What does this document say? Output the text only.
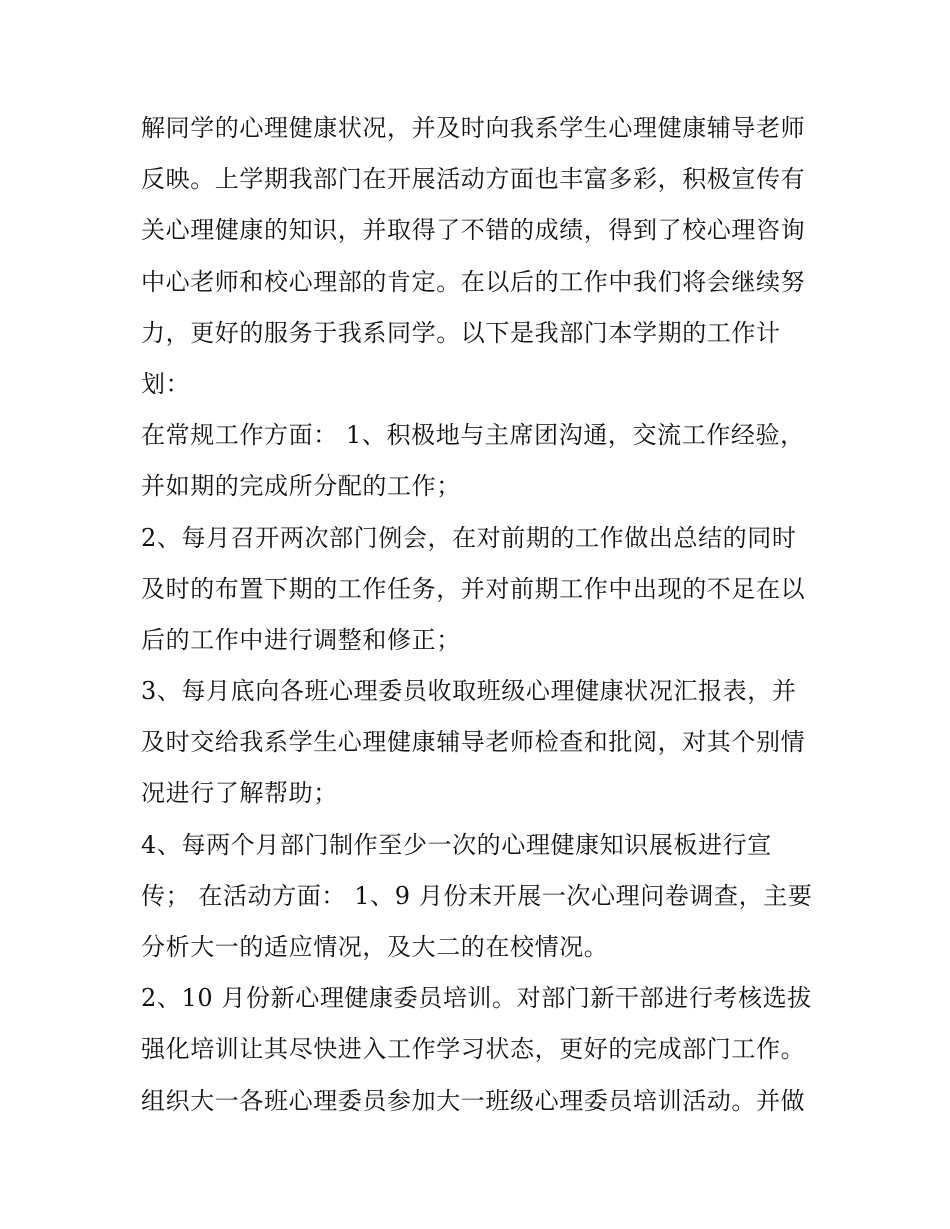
解同学的心理健康状况，并及时向我系学生心理健康辅导老师
反映。上学期我部门在开展活动方面也丰富多彩，积极宣传有
关心理健康的知识，并取得了不错的成绩，得到了校心理咨询
中心老师和校心理部的肯定。在以后的工作中我们将会继续努
力，更好的服务于我系同学。以下是我部门本学期的工作计
划：
在常规工作方面： 1、积极地与主席团沟通，交流工作经验，
并如期的完成所分配的工作；
2、每月召开两次部门例会，在对前期的工作做出总结的同时
及时的布置下期的工作任务，并对前期工作中出现的不足在以
后的工作中进行调整和修正；
3、每月底向各班心理委员收取班级心理健康状况汇报表，并
及时交给我系学生心理健康辅导老师检查和批阅，对其个别情
况进行了解帮助；
4、每两个月部门制作至少一次的心理健康知识展板进行宣
传； 在活动方面： 1、9 月份末开展一次心理问卷调查，主要
分析大一的适应情况，及大二的在校情况。
2、10 月份新心理健康委员培训。对部门新干部进行考核选拔
强化培训让其尽快进入工作学习状态，更好的完成部门工作。
组织大一各班心理委员参加大一班级心理委员培训活动。并做
